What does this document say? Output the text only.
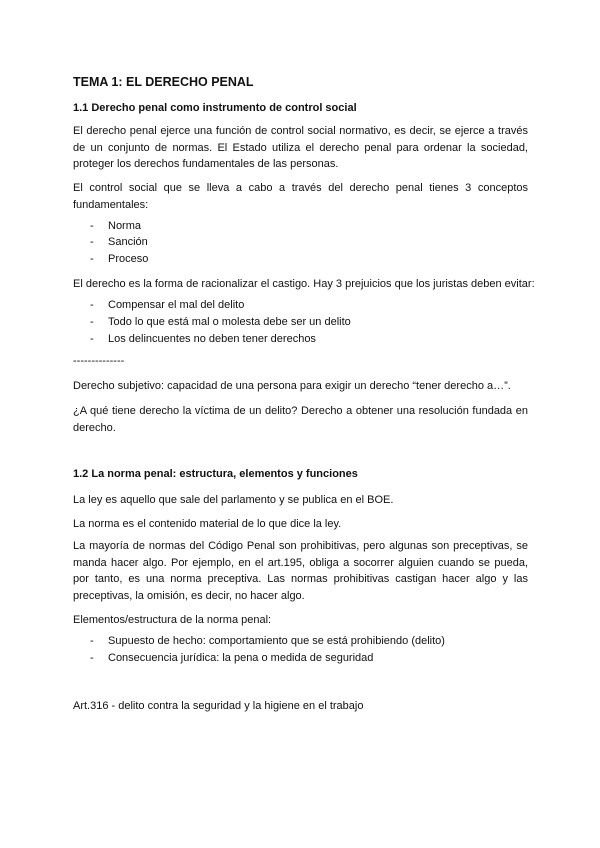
TEMA 1: EL DERECHO PENAL
1.1 Derecho penal como instrumento de control social

El derecho penal ejerce una función de control social normativo, es decir, se ejerce a través de un conjunto de normas. El Estado utiliza el derecho penal para ordenar la sociedad, proteger los derechos fundamentales de las personas.

El control social que se lleva a cabo a través del derecho penal tienes 3 conceptos fundamentales:

- Norma
- Sanción
- Proceso
El derecho es la forma de racionalizar el castigo. Hay 3 prejuicios que los juristas deben evitar:
- Compensar el mal del delito
- Todo lo que está mal o molesta debe ser un delito
- Los delincuentes no deben tener derechos
--------------
Derecho subjetivo: capacidad de una persona para exigir un derecho “tener derecho a…”.

¿A qué tiene derecho la víctima de un delito? Derecho a obtener una resolución fundada en derecho.

1.2 La norma penal: estructura, elementos y funciones
La ley es aquello que sale del parlamento y se publica en el BOE.
La norma es el contenido material de lo que dice la ley.

La mayoría de normas del Código Penal son prohibitivas, pero algunas son preceptivas, se manda hacer algo. Por ejemplo, en el art.195, obliga a socorrer alguien cuando se pueda, por tanto, es una norma preceptiva. Las normas prohibitivas castigan hacer algo y las preceptivas, la omisión, es decir, no hacer algo.

Elementos/estructura de la norma penal:
- Supuesto de hecho: comportamiento que se está prohibiendo (delito)
- Consecuencia jurídica: la pena o medida de seguridad
Art.316 - delito contra la seguridad y la higiene en el trabajo
